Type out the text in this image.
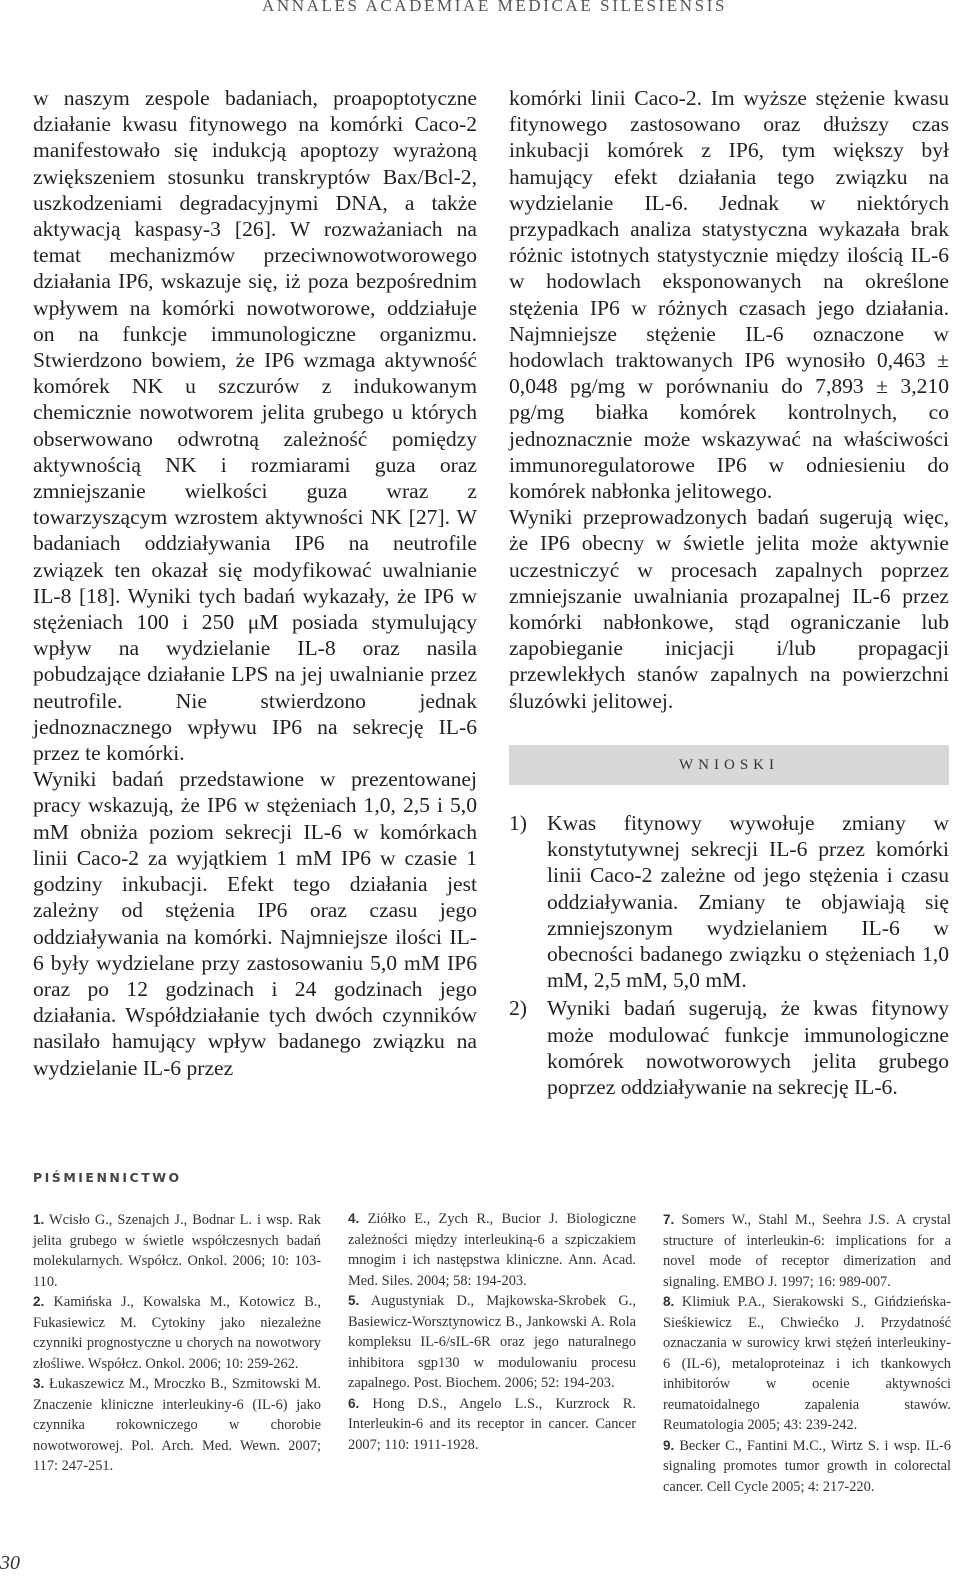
ANNALES ACADEMIAE MEDICAE SILESIENSIS

w naszym zespole badaniach, proapoptotyczne działanie kwasu fitynowego na komórki Caco-2 manifestowało się indukcją apoptozy wyrażoną zwiększeniem stosunku transkryptów Bax/Bcl-2, uszkodzeniami degradacyjnymi DNA, a także aktywacją kaspasy-3 [26]. W rozważaniach na temat mechanizmów przeciwnowotworowego działania IP6, wskazuje się, iż poza bezpośrednim wpływem na komórki nowotworowe, oddziałuje on na funkcje immunologiczne organizmu. Stwierdzono bowiem, że IP6 wzmaga aktywność komórek NK u szczurów z indukowanym chemicznie nowotworem jelita grubego u których obserwowano odwrotną zależność pomiędzy aktywnością NK i rozmiarami guza oraz zmniejszanie wielkości guza wraz z towarzyszącym wzrostem aktywności NK [27]. W badaniach oddziaływania IP6 na neutrofile związek ten okazał się modyfikować uwalnianie IL-8 [18]. Wyniki tych badań wykazały, że IP6 w stężeniach 100 i 250 μM posiada stymulujący wpływ na wydzielanie IL-8 oraz nasila pobudzające działanie LPS na jej uwalnianie przez neutrofile. Nie stwierdzono jednak jednoznacznego wpływu IP6 na sekrecję IL-6 przez te komórki.

Wyniki badań przedstawione w prezentowanej pracy wskazują, że IP6 w stężeniach 1,0, 2,5 i 5,0 mM obniża poziom sekrecji IL-6 w komórkach linii Caco-2 za wyjątkiem 1 mM IP6 w czasie 1 godziny inkubacji. Efekt tego działania jest zależny od stężenia IP6 oraz czasu jego oddziaływania na komórki. Najmniejsze ilości IL-6 były wydzielane przy zastosowaniu 5,0 mM IP6 oraz po 12 godzinach i 24 godzinach jego działania. Współdziałanie tych dwóch czynników nasilało hamujący wpływ badanego związku na wydzielanie IL-6 przez

komórki linii Caco-2. Im wyższe stężenie kwasu fitynowego zastosowano oraz dłuższy czas inkubacji komórek z IP6, tym większy był hamujący efekt działania tego związku na wydzielanie IL-6. Jednak w niektórych przypadkach analiza statystyczna wykazała brak różnic istotnych statystycznie między ilością IL-6 w hodowlach eksponowanych na określone stężenia IP6 w różnych czasach jego działania. Najmniejsze stężenie IL-6 oznaczone w hodowlach traktowanych IP6 wynosiło 0,463 ± 0,048 pg/mg w porównaniu do 7,893 ± 3,210 pg/mg białka komórek kontrolnych, co jednoznacznie może wskazywać na właściwości immunoregulatorowe IP6 w odniesieniu do komórek nabłonka jelitowego.

Wyniki przeprowadzonych badań sugerują więc, że IP6 obecny w świetle jelita może aktywnie uczestniczyć w procesach zapalnych poprzez zmniejszanie uwalniania prozapalnej IL-6 przez komórki nabłonkowe, stąd ograniczanie lub zapobieganie inicjacji i/lub propagacji przewlekłych stanów zapalnych na powierzchni śluzówki jelitowej.

WNIOSKI
1) Kwas fitynowy wywołuje zmiany w konstytutywnej sekrecji IL-6 przez komórki linii Caco-2 zależne od jego stężenia i czasu oddziaływania. Zmiany te objawiają się zmniejszonym wydzielaniem IL-6 w obecności badanego związku o stężeniach 1,0 mM, 2,5 mM, 5,0 mM.
2) Wyniki badań sugerują, że kwas fitynowy może modulować funkcje immunologiczne komórek nowotworowych jelita grubego poprzez oddziaływanie na sekrecję IL-6.
PIŚMIENNICTWO

1. Wcisło G., Szenajch J., Bodnar L. i wsp. Rak jelita grubego w świetle współczesnych badań molekularnych. Współcz. Onkol. 2006; 10: 103-110.

2. Kamińska J., Kowalska M., Kotowicz B., Fukasiewicz M. Cytokiny jako niezależne czynniki prognostyczne u chorych na nowotwory złośliwe. Współcz. Onkol. 2006; 10: 259-262.

3. Łukaszewicz M., Mroczko B., Szmitowski M. Znaczenie kliniczne interleukiny-6 (IL-6) jako czynnika rokowniczego w chorobie nowotworowej. Pol. Arch. Med. Wewn. 2007; 117: 247-251.

4. Ziółko E., Zych R., Bucior J. Biologiczne zależności między interleukiną-6 a szpiczakiem mnogim i ich następstwa kliniczne. Ann. Acad. Med. Siles. 2004; 58: 194-203.

5. Augustyniak D., Majkowska-Skrobek G., Basiewicz-Worsztynowicz B., Jankowski A. Rola kompleksu IL-6/sIL-6R oraz jego naturalnego inhibitora sgp130 w modulowaniu procesu zapalnego. Post. Biochem. 2006; 52: 194-203.

6. Hong D.S., Angelo L.S., Kurzrock R. Interleukin-6 and its receptor in cancer. Cancer 2007; 110: 1911-1928.

7. Somers W., Stahl M., Seehra J.S. A crystal structure of interleukin-6: implications for a novel mode of receptor dimerization and signaling. EMBO J. 1997; 16: 989-007.

8. Klimiuk P.A., Sierakowski S., Gińdzieńska-Sieśkiewicz E., Chwiećko J. Przydatność oznaczania w surowicy krwi stężeń interleukiny-6 (IL-6), metaloproteinaz i ich tkankowych inhibitorów w ocenie aktywności reumatoidalnego zapalenia stawów. Reumatologia 2005; 43: 239-242.

9. Becker C., Fantini M.C., Wirtz S. i wsp. IL-6 signaling promotes tumor growth in colorectal cancer. Cell Cycle 2005; 4: 217-220.

30
